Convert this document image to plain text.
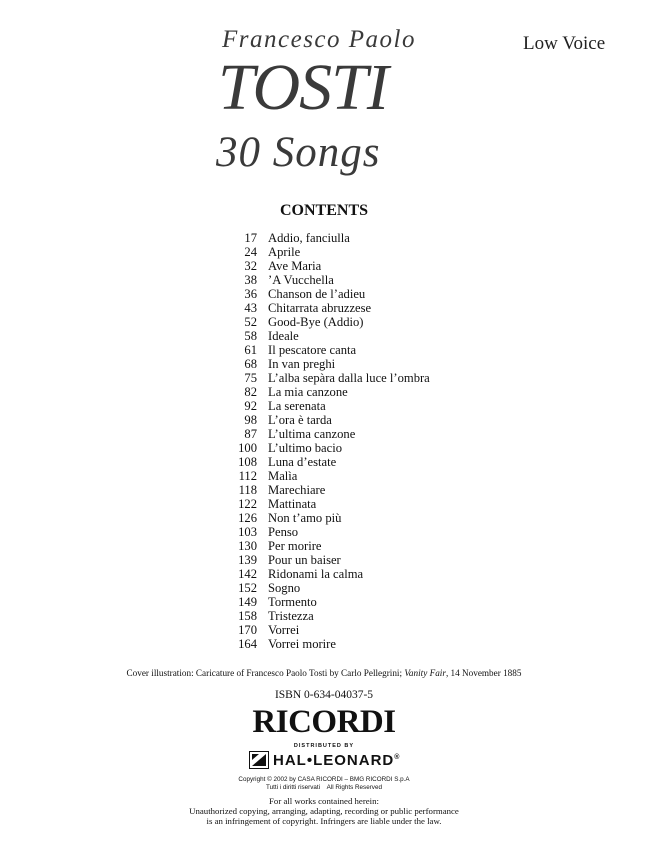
Francesco Paolo	Low Voice
TOSTI
30 Songs
CONTENTS
17 Addio, fanciulla
24 Aprile
32 Ave Maria
38 ’A Vucchella
36 Chanson de l’adieu
43 Chitarrata abruzzese
52 Good-Bye (Addio)
58 Ideale
61 Il pescatore canta
68 In van preghi
75 L’alba sepàra dalla luce l’ombra
82 La mia canzone
92 La serenata
98 L’ora è tarda
87 L’ultima canzone
100 L’ultimo bacio
108 Luna d’estate
112 Malìa
118 Marechiare
122 Mattinata
126 Non t’amo più
103 Penso
130 Per morire
139 Pour un baiser
142 Ridonami la calma
152 Sogno
149 Tormento
158 Tristezza
170 Vorrei
164 Vorrei morire
Cover illustration: Caricature of Francesco Paolo Tosti by Carlo Pellegrini; Vanity Fair, 14 November 1885
ISBN 0-634-04037-5
RICORDI
DISTRIBUTED BY
HAL•LEONARD®
Copyright © 2002 by CASA RICORDI – BMG RICORDI S.p.A
Tutti i diritti riservati    All Rights Reserved
For all works contained herein:
Unauthorized copying, arranging, adapting, recording or public performance
is an infringement of copyright. Infringers are liable under the law.
